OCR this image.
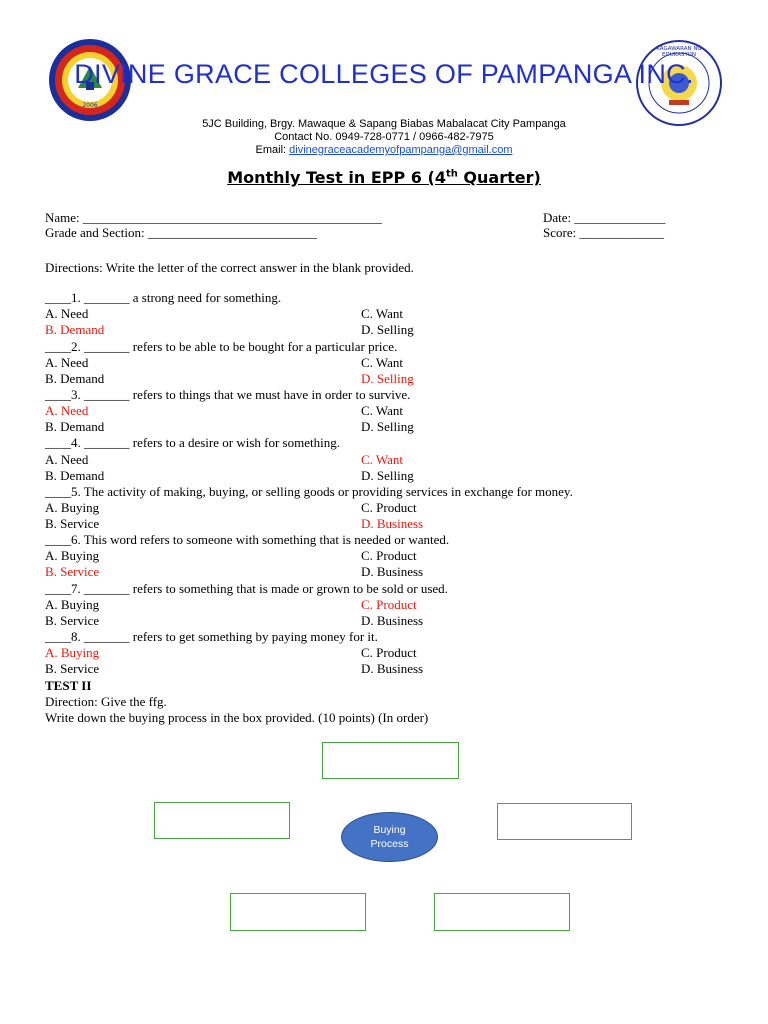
2006
KAGAWARAN NG EDUKASYON
DIVINE GRACE COLLEGES OF PAMPANGA INC.
5JC Building, Brgy. Mawaque & Sapang Biabas Mabalacat City Pampanga
Contact No. 0949-728-0771 / 0966-482-7975
Email: divinegraceacademyofpampanga@gmail.com
Monthly Test in EPP 6 (4th Quarter)
Name: ______________________________________________	Date: ______________
Grade and Section: __________________________	Score: _____________
Directions: Write the letter of the correct answer in the blank provided.
____1. _______ a strong need for something.
A. Need	C. Want
B. Demand	D. Selling
____2. _______ refers to be able to be bought for a particular price.
A. Need	C. Want
B. Demand	D. Selling
____3. _______ refers to things that we must have in order to survive.
A. Need	C. Want
B. Demand	D. Selling
____4. _______ refers to a desire or wish for something.
A. Need	C. Want
B. Demand	D. Selling
____5. The activity of making, buying, or selling goods or providing services in exchange for money.
A. Buying	C. Product
B. Service	D. Business
____6. This word refers to someone with something that is needed or wanted.
A. Buying	C. Product
B. Service	D. Business
____7. _______ refers to something that is made or grown to be sold or used.
A. Buying	C. Product
B. Service	D. Business
____8. _______ refers to get something by paying money for it.
A. Buying	C. Product
B. Service	D. Business
TEST II
Direction: Give the ffg.
Write down the buying process in the box provided. (10 points) (In order)
Buying
Process
